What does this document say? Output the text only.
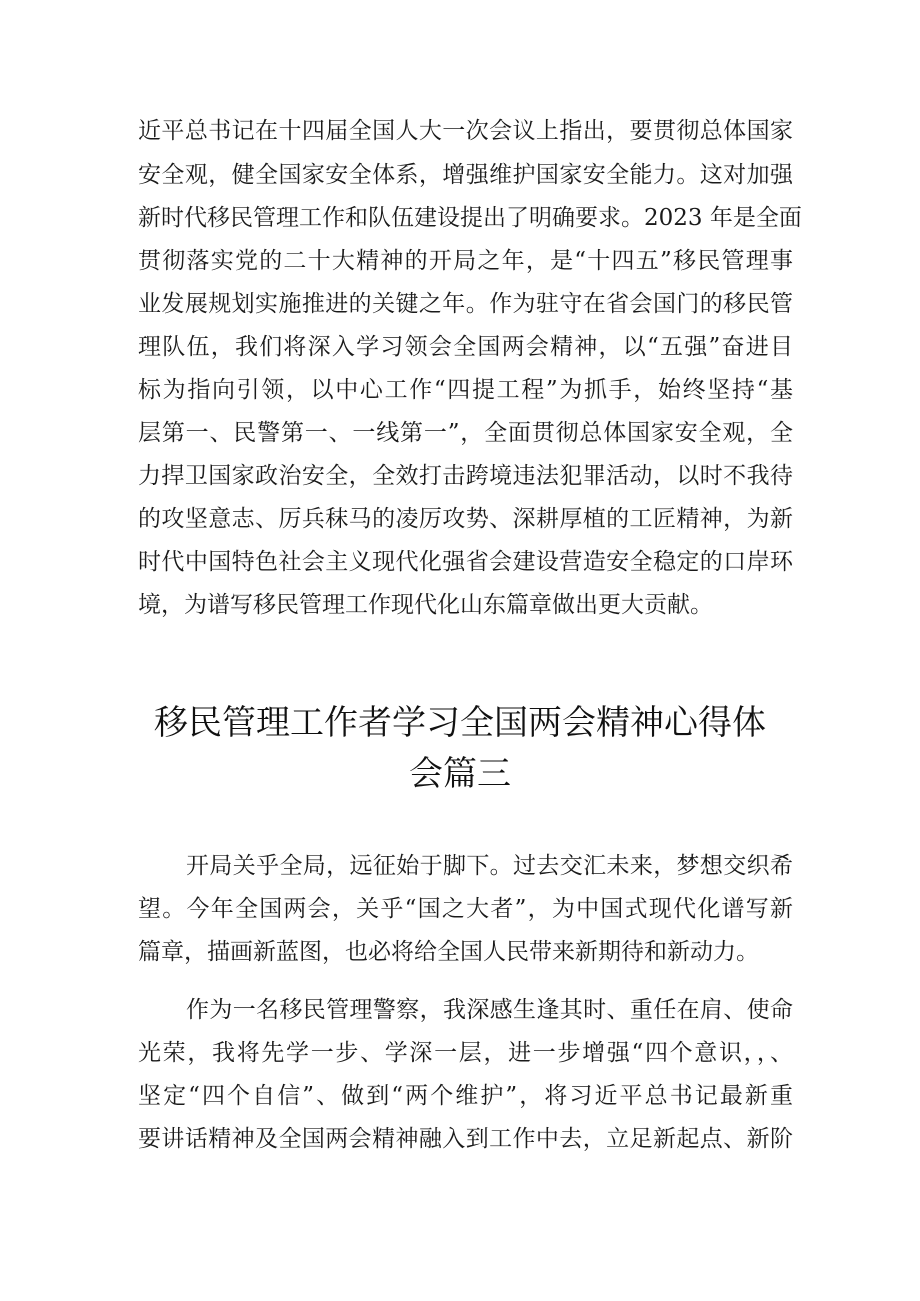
近平总书记在十四届全国人大一次会议上指出，要贯彻总体国家
安全观，健全国家安全体系，增强维护国家安全能力。这对加强
新时代移民管理工作和队伍建设提出了明确要求。2023 年是全面
贯彻落实党的二十大精神的开局之年，是“十四五”移民管理事
业发展规划实施推进的关键之年。作为驻守在省会国门的移民管
理队伍，我们将深入学习领会全国两会精神，以“五强”奋进目
标为指向引领，以中心工作“四提工程”为抓手，始终坚持“基
层第一、民警第一、一线第一”，全面贯彻总体国家安全观，全
力捍卫国家政治安全，全效打击跨境违法犯罪活动，以时不我待
的攻坚意志、厉兵秣马的凌厉攻势、深耕厚植的工匠精神，为新
时代中国特色社会主义现代化强省会建设营造安全稳定的口岸环
境，为谱写移民管理工作现代化山东篇章做出更大贡献。
移民管理工作者学习全国两会精神心得体
会篇三
开局关乎全局，远征始于脚下。过去交汇未来，梦想交织希
望。今年全国两会，关乎“国之大者”，为中国式现代化谱写新
篇章，描画新蓝图，也必将给全国人民带来新期待和新动力。
作为一名移民管理警察，我深感生逢其时、重任在肩、使命
光荣，我将先学一步、学深一层，进一步增强“四个意识，，、
坚定“四个自信”、做到“两个维护”，将习近平总书记最新重
要讲话精神及全国两会精神融入到工作中去，立足新起点、新阶
